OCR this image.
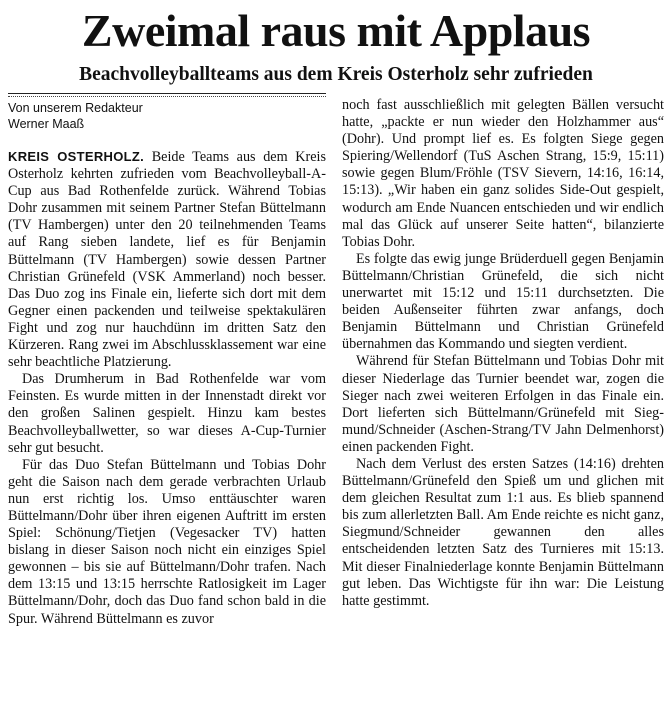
Zweimal raus mit Applaus
Beachvolleyballteams aus dem Kreis Osterholz sehr zufrieden
Von unserem Redakteur
Werner Maaß

KREIS OSTERHOLZ. Beide Teams aus dem Kreis Osterholz kehrten zufrieden vom Beachvolleyball-A-Cup aus Bad Rothenfelde zurück. Während Tobias Dohr zusammen mit seinem Partner Stefan Büttelmann (TV Hambergen) unter den 20 teilnehmenden Teams auf Rang sieben landete, lief es für Benjamin Büttelmann (TV Hambergen) sowie dessen Partner Christian Grünefeld (VSK Ammerland) noch besser. Das Duo zog ins Finale ein, lieferte sich dort mit dem Gegner einen packenden und teilweise spektakulären Fight und zog nur hauchdünn im dritten Satz den Kürzeren. Rang zwei im Abschlussklassement war eine sehr beachtliche Platzierung.

Das Drumherum in Bad Rothenfelde war vom Feinsten. Es wurde mitten in der Innenstadt direkt vor den großen Salinen gespielt. Hinzu kam bestes Beachvolleyballwetter, so war dieses A-Cup-Turnier sehr gut besucht.

Für das Duo Stefan Büttelmann und Tobias Dohr geht die Saison nach dem gerade verbrachten Urlaub nun erst richtig los. Umso enttäuschter waren Büttelmann/Dohr über ihren eigenen Auftritt im ersten Spiel: Schönung/Tietjen (Vegesacker TV) hatten bislang in dieser Saison noch nicht ein einziges Spiel gewonnen – bis sie auf Büttelmann/Dohr trafen. Nach dem 13:15 und 13:15 herrschte Ratlosigkeit im Lager Büttelmann/Dohr, doch das Duo fand schon bald in die Spur. Während Büttelmann es zuvor

noch fast ausschließlich mit gelegten Bällen versucht hatte, „packte er nun wieder den Holzhammer aus“ (Dohr). Und prompt lief es. Es folgten Siege gegen Spiering/Wellendorf (TuS Aschen Strang, 15:9, 15:11) sowie gegen Blum/Fröhle (TSV Sievern, 14:16, 16:14, 15:13). „Wir haben ein ganz solides Side-Out gespielt, wodurch am Ende Nuancen entschieden und wir endlich mal das Glück auf unserer Seite hatten“, bilanzierte Tobias Dohr.

Es folgte das ewig junge Brüderduell gegen Benjamin Büttelmann/Christian Grünefeld, die sich nicht unerwartet mit 15:12 und 15:11 durchsetzten. Die beiden Außenseiter führten zwar anfangs, doch Benjamin Büttelmann und Christian Grünefeld übernahmen das Kommando und siegten verdient.

Während für Stefan Büttelmann und Tobias Dohr mit dieser Niederlage das Turnier beendet war, zogen die Sieger nach zwei weiteren Erfolgen in das Finale ein. Dort lieferten sich Büttelmann/Grünefeld mit Siegmund/Schneider (Aschen-Strang/TV Jahn Delmenhorst) einen packenden Fight.

Nach dem Verlust des ersten Satzes (14:16) drehten Büttelmann/Grünefeld den Spieß um und glichen mit dem gleichen Resultat zum 1:1 aus. Es blieb spannend bis zum allerletzten Ball. Am Ende reichte es nicht ganz, Siegmund/Schneider gewannen den alles entscheidenden letzten Satz des Turnieres mit 15:13. Mit dieser Finalniederlage konnte Benjamin Büttelmann gut leben. Das Wichtigste für ihn war: Die Leistung hatte gestimmt.
